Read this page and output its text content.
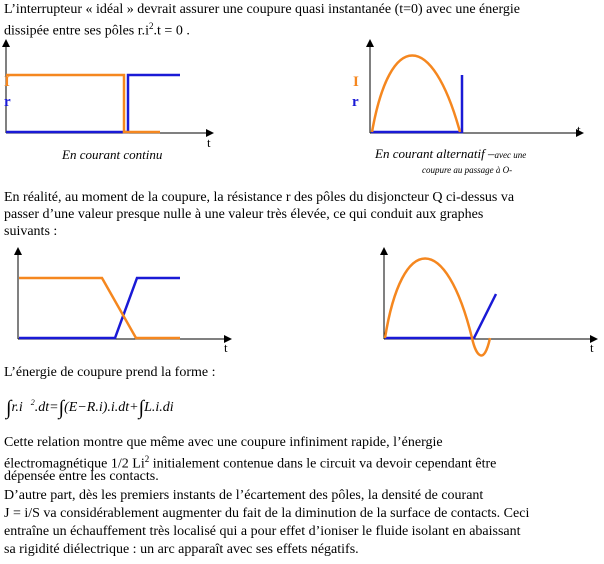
L’interrupteur « idéal » devrait assurer une coupure quasi instantanée (t=0) avec une énergie
dissipée entre ses pôles $r.i^2.t = 0$ .
I
r
t
En courant continu
I
r
t
En courant alternatif –avec une
coupure au passage à O-
En réalité, au moment de la coupure, la résistance r des pôles du disjoncteur Q ci-dessus va
passer d’une valeur presque nulle à une valeur très élevée, ce qui conduit aux graphes
suivants :
t	t
L’énergie de coupure prend la forme :
∫r.i $^2$.dt=∫(E−R.i).i.dt+∫L.i.di
Cette relation montre que même avec une coupure infiniment rapide, l’énergie
électromagnétique 1/2 Li$^2$ initialement contenue dans le circuit va devoir cependant être
dépensée entre les contacts.
D’autre part, dès les premiers instants de l’écartement des pôles, la densité de courant
J = i/S va considérablement augmenter du fait de la diminution de la surface de contacts. Ceci
entraîne un échauffement très localisé qui a pour effet d’ioniser le fluide isolant en abaissant
sa rigidité diélectrique : un arc apparaît avec ses effets négatifs.
